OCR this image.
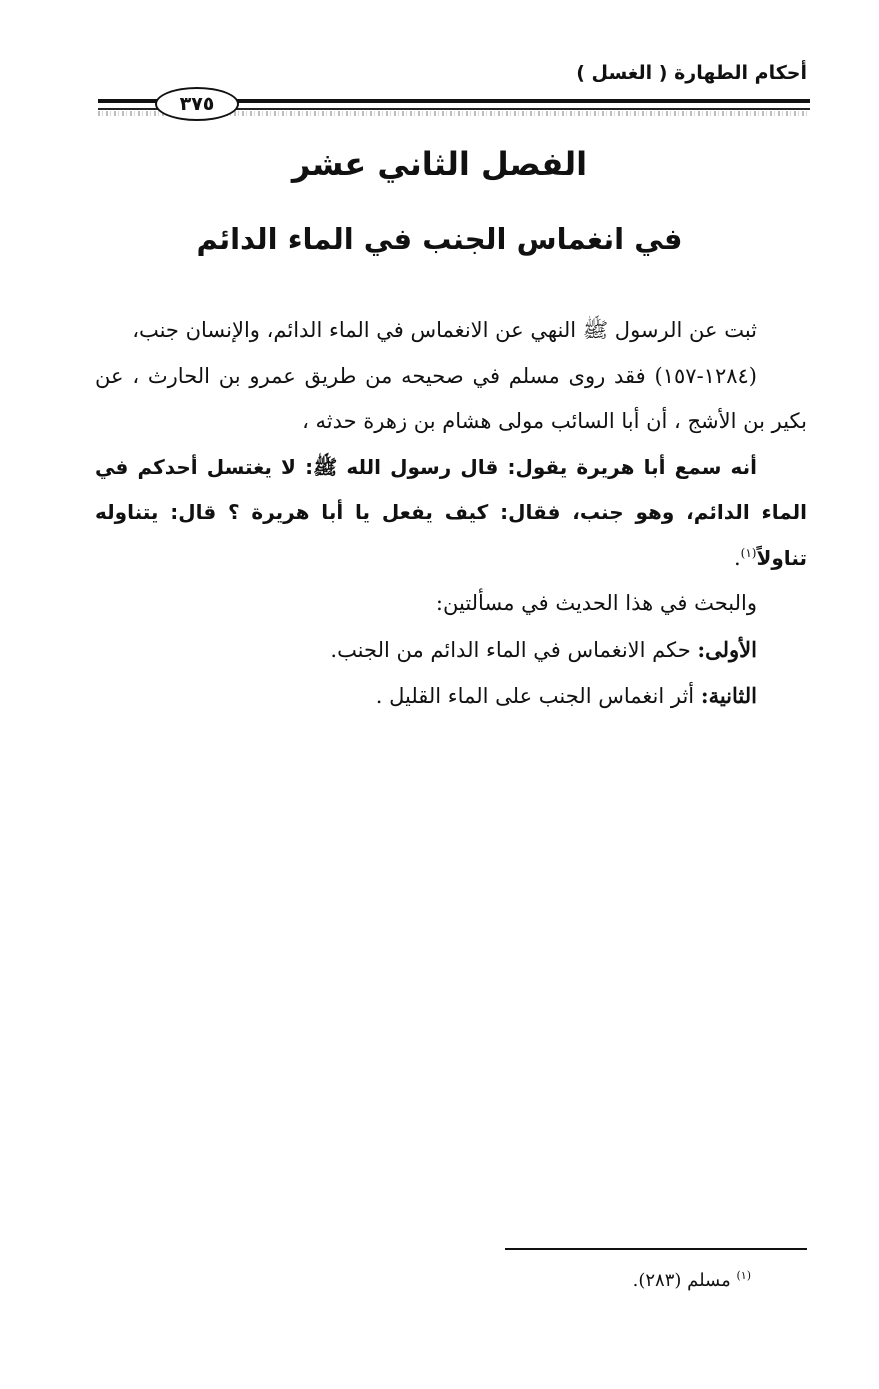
أحكام الطهارة ( الغسل )
٣٧٥
الفصل الثاني عشر
في انغماس الجنب في الماء الدائم

ثبت عن الرسول ﷺ النهي عن الانغماس في الماء الدائم، والإنسان جنب،

(١٢٨٤-١٥٧) فقد روى مسلم في صحيحه من طريق عمرو بن الحارث ، عن بكير بن الأشج ، أن أبا السائب مولى هشام بن زهرة حدثه ،

أنه سمع أبا هريرة يقول: قال رسول الله ﷺ: لا يغتسل أحدكم في الماء الدائم، وهو جنب، فقال: كيف يفعل يا أبا هريرة ؟ قال: يتناوله تناولاً$^{(١)}$.

والبحث في هذا الحديث في مسألتين:

الأولى: حكم الانغماس في الماء الدائم من الجنب.

الثانية: أثر انغماس الجنب على الماء القليل .

$^{(١)}$ مسلم (٢٨٣).
